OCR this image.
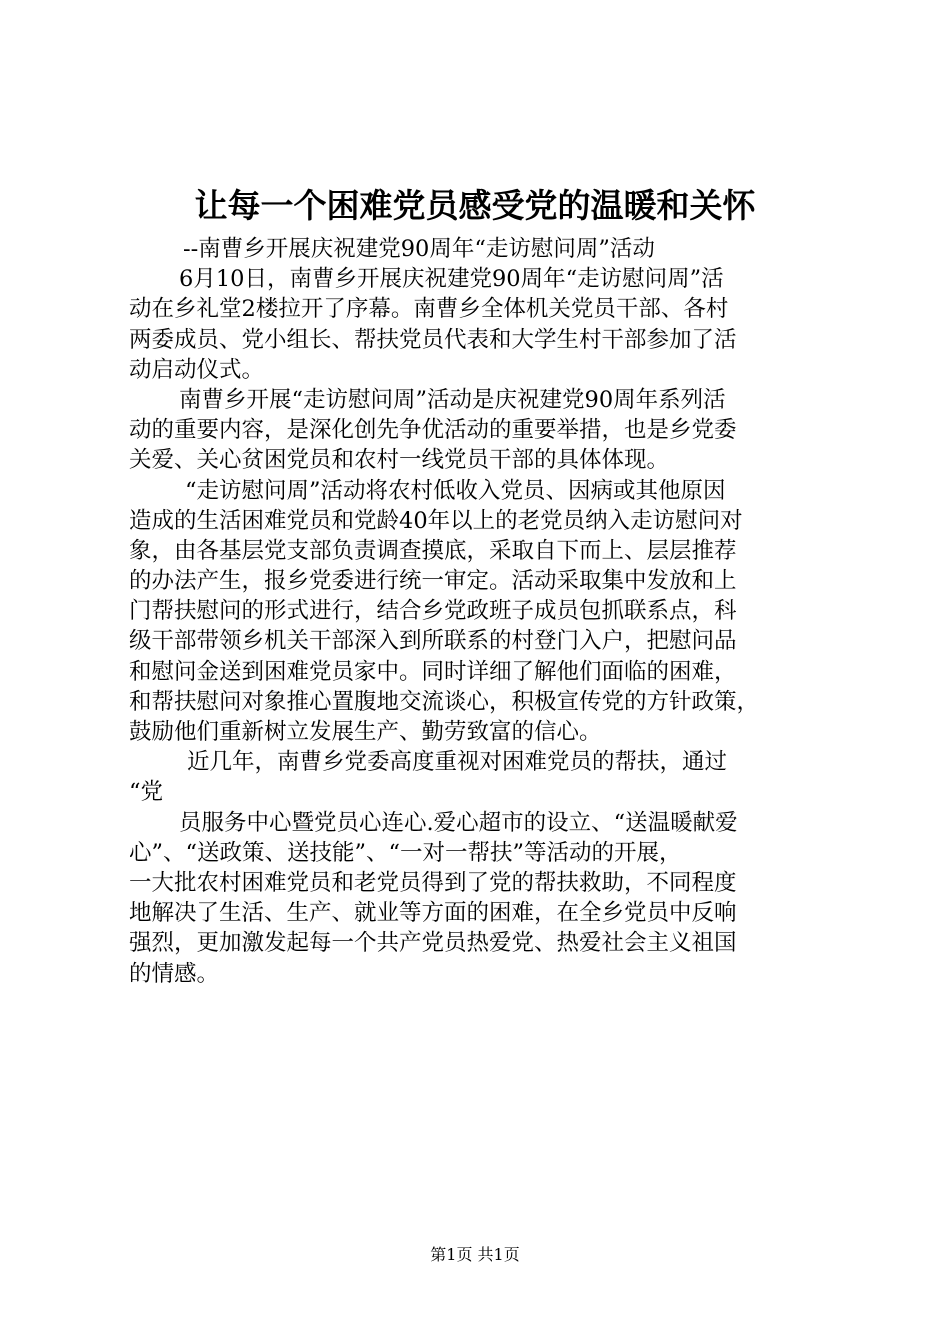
让每一个困难党员感受党的温暖和关怀
--南曹乡开展庆祝建党90周年“走访慰问周”活动
6月10日，南曹乡开展庆祝建党90周年“走访慰问周”活
动在乡礼堂2楼拉开了序幕。南曹乡全体机关党员干部、各村
两委成员、党小组长、帮扶党员代表和大学生村干部参加了活
动启动仪式。
南曹乡开展“走访慰问周”活动是庆祝建党90周年系列活
动的重要内容，是深化创先争优活动的重要举措，也是乡党委
关爱、关心贫困党员和农村一线党员干部的具体体现。
“走访慰问周”活动将农村低收入党员、因病或其他原因
造成的生活困难党员和党龄40年以上的老党员纳入走访慰问对
象，由各基层党支部负责调查摸底，采取自下而上、层层推荐
的办法产生，报乡党委进行统一审定。活动采取集中发放和上
门帮扶慰问的形式进行，结合乡党政班子成员包抓联系点，科
级干部带领乡机关干部深入到所联系的村登门入户，把慰问品
和慰问金送到困难党员家中。同时详细了解他们面临的困难，
和帮扶慰问对象推心置腹地交流谈心，积极宣传党的方针政策，
鼓励他们重新树立发展生产、勤劳致富的信心。
近几年，南曹乡党委高度重视对困难党员的帮扶，通过
“党
员服务中心暨党员心连心.爱心超市的设立、“送温暖献爱
心”、“送政策、送技能”、“一对一帮扶”等活动的开展，
一大批农村困难党员和老党员得到了党的帮扶救助，不同程度
地解决了生活、生产、就业等方面的困难，在全乡党员中反响
强烈，更加激发起每一个共产党员热爱党、热爱社会主义祖国
的情感。
第1页 共1页
